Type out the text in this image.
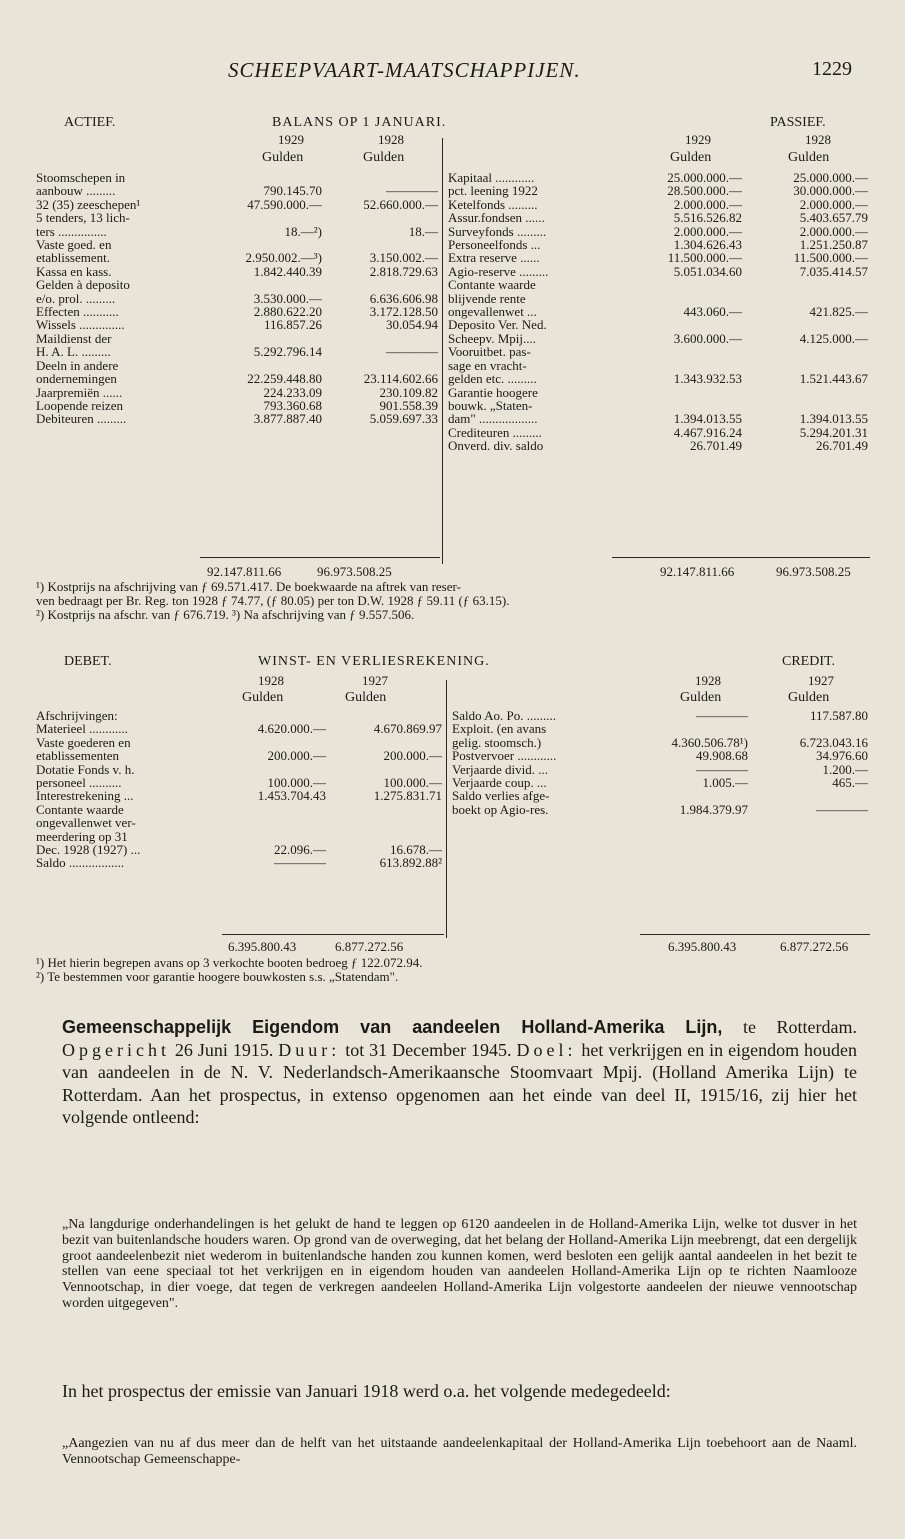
SCHEEPVAART-MAATSCHAPPIJEN.	1229
ACTIEF.	BALANS OP 1 JANUARI.	PASSIEF.
1929	1928	1929	1928
Gulden	Gulden	Gulden	Gulden
Stoomschepen in		
aanbouw .........	790.145.70	————
32 (35) zeeschepen¹	47.590.000.—	52.660.000.—
5 tenders, 13 lich-		
ters ...............	18.—²)	18.—
Vaste goed. en		
etablissement.	2.950.002.—³)	3.150.002.—
Kassa en kass.	1.842.440.39	2.818.729.63
Gelden à deposito		
e/o. prol. .........	3.530.000.—	6.636.606.98
Effecten ...........	2.880.622.20	3.172.128.50
Wissels ..............	116.857.26	30.054.94
Maildienst der		
H. A. L. .........	5.292.796.14	————
Deeln in andere		
ondernemingen	22.259.448.80	23.114.602.66
Jaarpremiën ......	224.233.09	230.109.82
Loopende reizen	793.360.68	901.558.39
Debiteuren .........	3.877.887.40	5.059.697.33
Kapitaal ............	25.000.000.—	25.000.000.—
pct. leening 1922	28.500.000.—	30.000.000.—
Ketelfonds .........	2.000.000.—	2.000.000.—
Assur.fondsen ......	5.516.526.82	5.403.657.79
Surveyfonds .........	2.000.000.—	2.000.000.—
Personeelfonds ...	1.304.626.43	1.251.250.87
Extra reserve ......	11.500.000.—	11.500.000.—
Agio-reserve .........	5.051.034.60	7.035.414.57
Contante waarde		
blijvende rente		
ongevallenwet ...	443.060.—	421.825.—
Deposito Ver. Ned.		
Scheepv. Mpij....	3.600.000.—	4.125.000.—
Vooruitbet. pas-		
sage en vracht-		
gelden etc. .........	1.343.932.53	1.521.443.67
Garantie hoogere		
bouwk. „Staten-		
dam" ..................	1.394.013.55	1.394.013.55
Crediteuren .........	4.467.916.24	5.294.201.31
Onverd. div. saldo	26.701.49	26.701.49
92.147.811.66	96.973.508.25	92.147.811.66	96.973.508.25
¹) Kostprijs na afschrijving van ƒ 69.571.417. De boekwaarde na aftrek van reser-
ven bedraagt per Br. Reg. ton 1928 ƒ 74.77, (ƒ 80.05) per ton D.W. 1928 ƒ 59.11 (ƒ 63.15).
²) Kostprijs na afschr. van ƒ 676.719. ³) Na afschrijving van ƒ 9.557.506.
DEBET.	WINST- EN VERLIESREKENING.	CREDIT.
1928	1927	1928	1927
Gulden	Gulden	Gulden	Gulden
Afschrijvingen:		
Materieel ............	4.620.000.—	4.670.869.97
Vaste goederen en		
etablissementen	200.000.—	200.000.—
Dotatie Fonds v. h.		
personeel ..........	100.000.—	100.000.—
Interestrekening ...	1.453.704.43	1.275.831.71
Contante waarde		
ongevallenwet ver-		
meerdering op 31		
Dec. 1928 (1927) ...	22.096.—	16.678.—
Saldo .................	————	613.892.88²
Saldo Ao. Po. .........	————	117.587.80
Exploit. (en avans		
gelig. stoomsch.)	4.360.506.78¹)	6.723.043.16
Postvervoer ............	49.908.68	34.976.60
Verjaarde divid. ...	————	1.200.—
Verjaarde coup. ...	1.005.—	465.—
Saldo verlies afge-		
boekt op Agio-res.	1.984.379.97	————
6.395.800.43	6.877.272.56	6.395.800.43	6.877.272.56
¹) Het hierin begrepen avans op 3 verkochte booten bedroeg ƒ 122.072.94.
²) Te bestemmen voor garantie hoogere bouwkosten s.s. „Statendam".
Gemeenschappelijk Eigendom van aandeelen Holland-Amerika Lijn, te Rotterdam. Opgericht 26 Juni 1915. Duur: tot 31 December 1945. Doel: het verkrijgen en in eigendom houden van aandeelen in de N. V. Nederlandsch-Amerikaansche Stoomvaart Mpij. (Holland Amerika Lijn) te Rotterdam. Aan het prospectus, in extenso opgenomen aan het einde van deel II, 1915/16, zij hier het volgende ontleend:
„Na langdurige onderhandelingen is het gelukt de hand te leggen op 6120 aandeelen in de Holland-Amerika Lijn, welke tot dusver in het bezit van buitenlandsche houders waren. Op grond van de overweging, dat het belang der Holland-Amerika Lijn meebrengt, dat een dergelijk groot aandeelenbezit niet wederom in buitenlandsche handen zou kunnen komen, werd besloten een gelijk aantal aandeelen in het bezit te stellen van eene speciaal tot het verkrijgen en in eigendom houden van aandeelen Holland-Amerika Lijn op te richten Naamlooze Vennootschap, in dier voege, dat tegen de verkregen aandeelen Holland-Amerika Lijn volgestorte aandeelen der nieuwe vennootschap worden uitgegeven".
In het prospectus der emissie van Januari 1918 werd o.a. het volgende medegedeeld:
„Aangezien van nu af dus meer dan de helft van het uitstaande aandeelenkapitaal der Holland-Amerika Lijn toebehoort aan de Naaml. Vennootschap Gemeenschappe-
